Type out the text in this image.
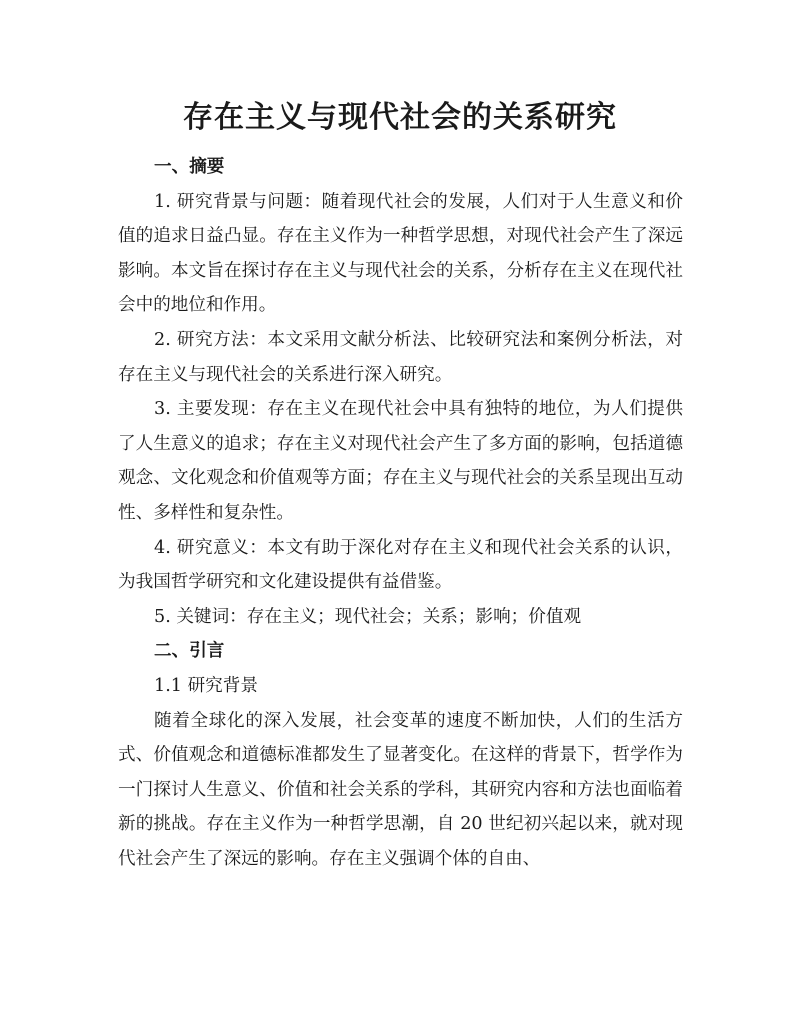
存在主义与现代社会的关系研究

一、摘要

1. 研究背景与问题：随着现代社会的发展，人们对于人生意义和价值的追求日益凸显。存在主义作为一种哲学思想，对现代社会产生了深远影响。本文旨在探讨存在主义与现代社会的关系，分析存在主义在现代社会中的地位和作用。

2. 研究方法：本文采用文献分析法、比较研究法和案例分析法，对存在主义与现代社会的关系进行深入研究。

3. 主要发现：存在主义在现代社会中具有独特的地位，为人们提供了人生意义的追求；存在主义对现代社会产生了多方面的影响，包括道德观念、文化观念和价值观等方面；存在主义与现代社会的关系呈现出互动性、多样性和复杂性。

4. 研究意义：本文有助于深化对存在主义和现代社会关系的认识，为我国哲学研究和文化建设提供有益借鉴。

5. 关键词：存在主义；现代社会；关系；影响；价值观

二、引言

1.1 研究背景

随着全球化的深入发展，社会变革的速度不断加快，人们的生活方式、价值观念和道德标准都发生了显著变化。在这样的背景下，哲学作为一门探讨人生意义、价值和社会关系的学科，其研究内容和方法也面临着新的挑战。存在主义作为一种哲学思潮，自 20 世纪初兴起以来，就对现代社会产生了深远的影响。存在主义强调个体的自由、
